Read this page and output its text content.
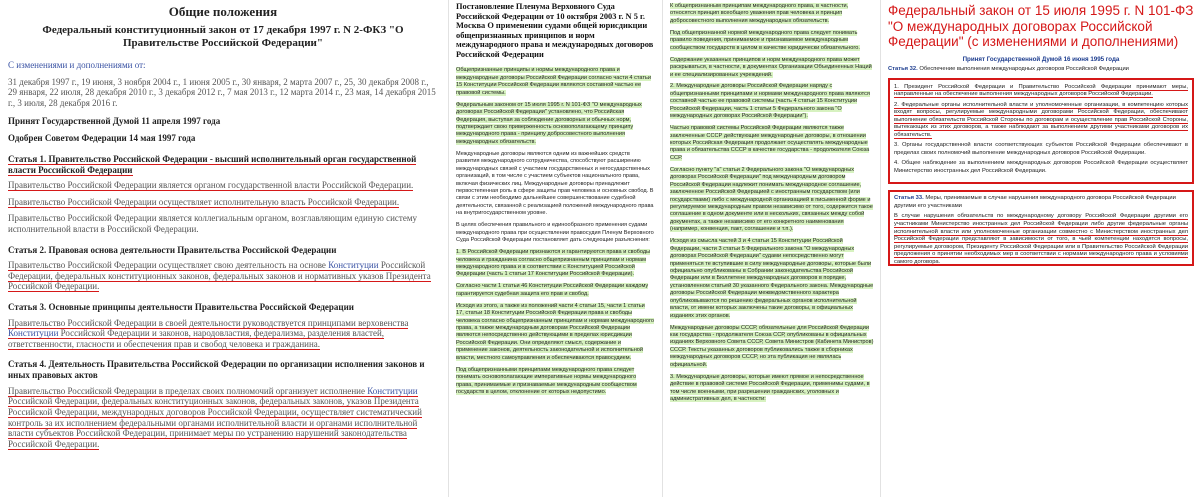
Общие положения
Федеральный конституционный закон от 17 декабря 1997 г. N 2-ФКЗ "О Правительстве Российской Федерации"
С изменениями и дополнениями от:
31 декабря 1997 г., 19 июня, 3 ноября 2004 г., 1 июня 2005 г., 30 января, 2 марта 2007 г., 25, 30 декабря 2008 г., 29 января, 22 июля, 28 декабря 2010 г., 3 декабря 2012 г., 7 мая 2013 г., 12 марта 2014 г., 23 мая, 14 декабря 2015 г., 3 июля, 28 декабря 2016 г.
Принят Государственной Думой 11 апреля 1997 года
Одобрен Советом Федерации 14 мая 1997 года
Статья 1. Правительство Российской Федерации - высший исполнительный орган государственной власти Российской Федерации
Правительство Российской Федерации является органом государственной власти Российской Федерации.
Правительство Российской Федерации осуществляет исполнительную власть Российской Федерации.
Правительство Российской Федерации является коллегиальным органом, возглавляющим единую систему исполнительной власти в Российской Федерации.
Статья 2. Правовая основа деятельности Правительства Российской Федерации
Правительство Российской Федерации осуществляет свою деятельность на основе Конституции Российской Федерации, федеральных конституционных законов, федеральных законов и нормативных указов Президента Российской Федерации.
Статья 3. Основные принципы деятельности Правительства Российской Федерации
Правительство Российской Федерации в своей деятельности руководствуется принципами верховенства Конституции Российской Федерации и законов, народовластия, федерализма, разделения властей, ответственности, гласности и обеспечения прав и свобод человека и гражданина.
Статья 4. Деятельность Правительства Российской Федерации по организации исполнения законов и иных правовых актов
Правительство Российской Федерации в пределах своих полномочий организует исполнение Конституции Российской Федерации, федеральных конституционных законов, федеральных законов, указов Президента Российской Федерации, международных договоров Российской Федерации, осуществляет систематический контроль за их исполнением федеральными органами исполнительной власти и органами исполнительной власти субъектов Российской Федерации, принимает меры по устранению нарушений законодательства Российской Федерации.
Постановление Пленума Верховного Суда Российской Федерации от 10 октября 2003 г. N 5 г. Москва О применении судами общей юрисдикции общепризнанных принципов и норм международного права и международных договоров Российской Федерации
Общепризнанные принципы и нормы международного права и международные договоры Российской Федерации согласно части 4 статьи 15 Конституции Российской Федерации являются составной частью ее правовой системы.
Федеральным законом от 15 июля 1995 г. N 101-ФЗ "О международных договорах Российской Федерации" установлено, что Российская Федерация, выступая за соблюдение договорных и обычных норм, подтверждает свою приверженность основополагающему принципу международного права - принципу добросовестного выполнения международных обязательств.
Международные договоры являются одним из важнейших средств развития международного сотрудничества, способствуют расширению международных связей с участием государственных и негосударственных организаций, в том числе с участием субъектов национального права, включая физических лиц. Международные договоры принадлежит первостепенная роль в сфере защиты прав человека и основных свобод. В связи с этим необходимо дальнейшее совершенствование судебной деятельности, связанной с реализацией положений международного права на внутригосударственном уровне.
В целях обеспечения правильного и единообразного применения судами международного права при осуществлении правосудия Пленум Верховного Суда Российской Федерации постановляет дать следующие разъяснения:
1. В Российской Федерации признаются и гарантируются права и свободы человека и гражданина согласно общепризнанным принципам и нормам международного права и в соответствии с Конституцией Российской Федерации (часть 1 статьи 17 Конституции Российской Федерации).
Согласно части 1 статьи 46 Конституции Российской Федерации каждому гарантируется судебная защита его прав и свобод.
Исходя из этого, а также из положений части 4 статьи 15, части 1 статьи 17, статьи 18 Конституции Российской Федерации права и свободы человека согласно общепризнанным принципам и нормам международного права, а также международным договорам Российской Федерации являются непосредственно действующими в пределах юрисдикции Российской Федерации. Они определяют смысл, содержание и применение законов, деятельность законодательной и исполнительной власти, местного самоуправления и обеспечиваются правосудием.
Под общепризнанными принципами международного права следует понимать основополагающие императивные нормы международного права, принимаемые и признаваемые международным сообществом государств в целом, отклонение от которых недопустимо.
К общепризнанным принципам международного права, в частности, относятся принцип всеобщего уважения прав человека и принцип добросовестного выполнения международных обязательств.
Под общепризнанной нормой международного права следует понимать правило поведения, принимаемое и признаваемое международным сообществом государств в целом в качестве юридически обязательного.
Содержание указанных принципов и норм международного права может раскрываться, в частности, в документах Организации Объединенных Наций и ее специализированных учреждений.
2. Международные договоры Российской Федерации наряду с общепризнанными принципами и нормами международного права являются составной частью ее правовой системы (часть 4 статьи 15 Конституции Российской Федерации, часть 1 статьи 5 Федерального закона "О международных договорах Российской Федерации").
Частью правовой системы Российской Федерации являются также заключенные СССР действующие международные договоры, в отношении которых Российская Федерация продолжает осуществлять международные права и обязательства СССР в качестве государства - продолжателя Союза ССР.
Согласно пункту "а" статьи 2 Федерального закона "О международных договорах Российской Федерации" под международным договором Российской Федерации надлежит понимать международное соглашение, заключенное Российской Федерацией с иностранным государством (или государствами) либо с международной организацией в письменной форме и регулируемое международным правом независимо от того, содержится такое соглашение в одном документе или в нескольких, связанных между собой документах, а также независимо от его конкретного наименования (например, конвенция, пакт, соглашение и т.п.).
Исходя из смысла частей 3 и 4 статьи 15 Конституции Российской Федерации, части 3 статьи 5 Федерального закона "О международных договорах Российской Федерации" судами непосредственно могут применяться те вступившие в силу международные договоры, которые были официально опубликованы в Собрании законодательства Российской Федерации или в Бюллетене международных договоров в порядке, установленном статьей 30 указанного Федерального закона. Международные договоры Российской Федерации межведомственного характера опубликовываются по решению федеральных органов исполнительной власти, от имени которых заключены такие договоры, в официальных изданиях этих органов.
Международные договоры СССР, обязательные для Российской Федерации как государства - продолжателя Союза ССР, опубликованы в официальных изданиях Верховного Совета СССР, Совета Министров (Кабинета Министров) СССР. Тексты указанных договоров публиковались также в сборниках международных договоров СССР, но эта публикация не являлась официальной.
3. Международные договоры, которые имеют прямое и непосредственное действие в правовой системе Российской Федерации, применимы судами, в том числе военными, при разрешении гражданских, уголовных и административных дел, в частности:
Федеральный закон от 15 июля 1995 г. N 101-ФЗ "О международных договорах Российской Федерации" (с изменениями и дополнениями)
Принят Государственной Думой 16 июня 1995 года
Статья 32. Обеспечение выполнения международных договоров Российской Федерации
1. Президент Российской Федерации и Правительство Российской Федерации принимают меры, направленные на обеспечение выполнения международных договоров Российской Федерации.
2. Федеральные органы исполнительной власти и уполномоченные организации, в компетенцию которых входят вопросы, регулируемые международными договорами Российской Федерации, обеспечивают выполнение обязательств Российской Стороны по договорам и осуществление прав Российской Стороны, вытекающих из этих договоров, а также наблюдают за выполнением другими участниками договоров их обязательств.
3. Органы государственной власти соответствующих субъектов Российской Федерации обеспечивают в пределах своих полномочий выполнение международных договоров Российской Федерации.
4. Общее наблюдение за выполнением международных договоров Российской Федерации осуществляет Министерство иностранных дел Российской Федерации.
Статья 33. Меры, принимаемые в случае нарушения международного договора Российской Федерации другими его участниками
В случае нарушения обязательств по международному договору Российской Федерации другими его участниками Министерство иностранных дел Российской Федерации либо другие федеральные органы исполнительной власти или уполномоченные организации совместно с Министерством иностранных дел Российской Федерации представляют в зависимости от того, в чьей компетенции находятся вопросы, регулируемые договором, Президенту Российской Федерации или в Правительство Российской Федерации предложения о принятии необходимых мер в соответствии с нормами международного права и условиями самого договора.
